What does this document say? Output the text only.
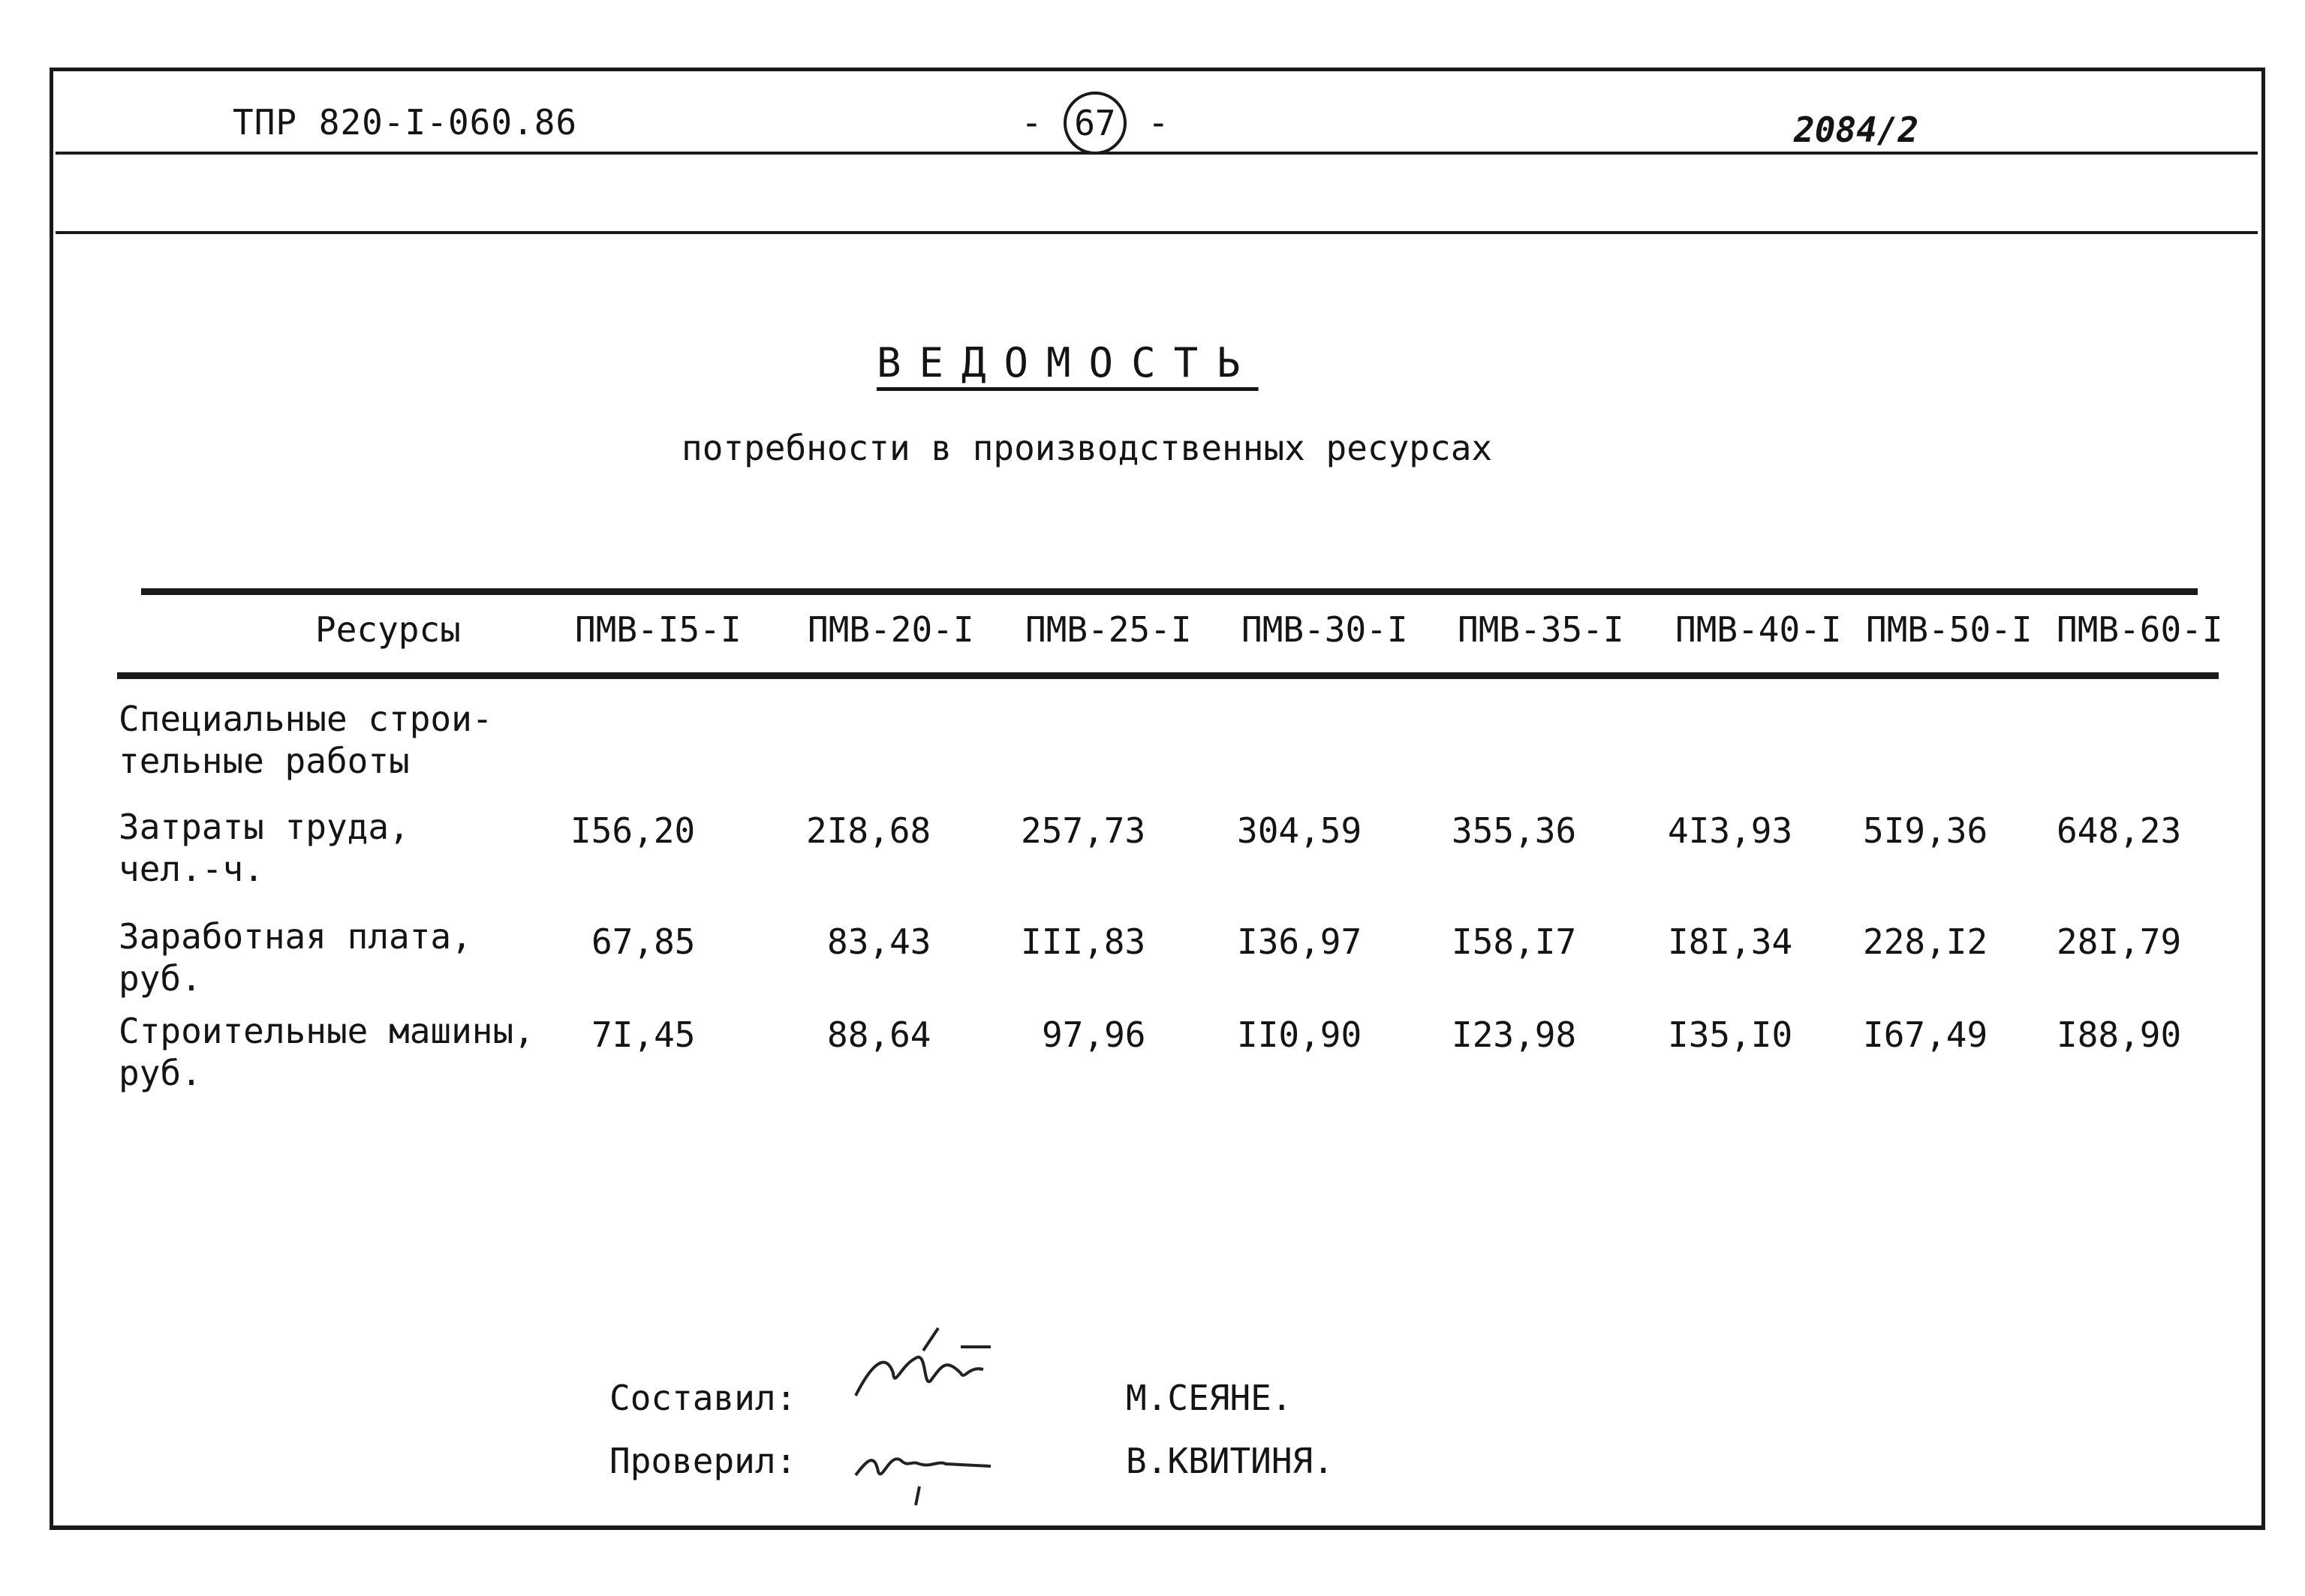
ТПР 820-I-060.86	- 67 -	2084/2
ВЕДОМОСТЬ
потребности в производственных ресурсах
Ресурсы	ПМВ-I5-I ПМВ-20-I ПМВ-25-I ПМВ-30-I ПМВ-35-I ПМВ-40-I ПМВ-50-I ПМВ-60-I
Специальные строи-
тельные работы
Затраты труда,
чел.-ч.
I56,20	2I8,68	257,73	304,59	355,36	4I3,93 5I9,36 648,23
Заработная плата,
руб.
67,85	83,43	III,83	I36,97	I58,I7	I8I,34 228,I2 28I,79
Строительные машины,
руб.
7I,45	88,64	97,96	II0,90	I23,98	I35,I0 I67,49 I88,90
Составил:	М.СЕЯНЕ.
Проверил:	В.КВИТИНЯ.
